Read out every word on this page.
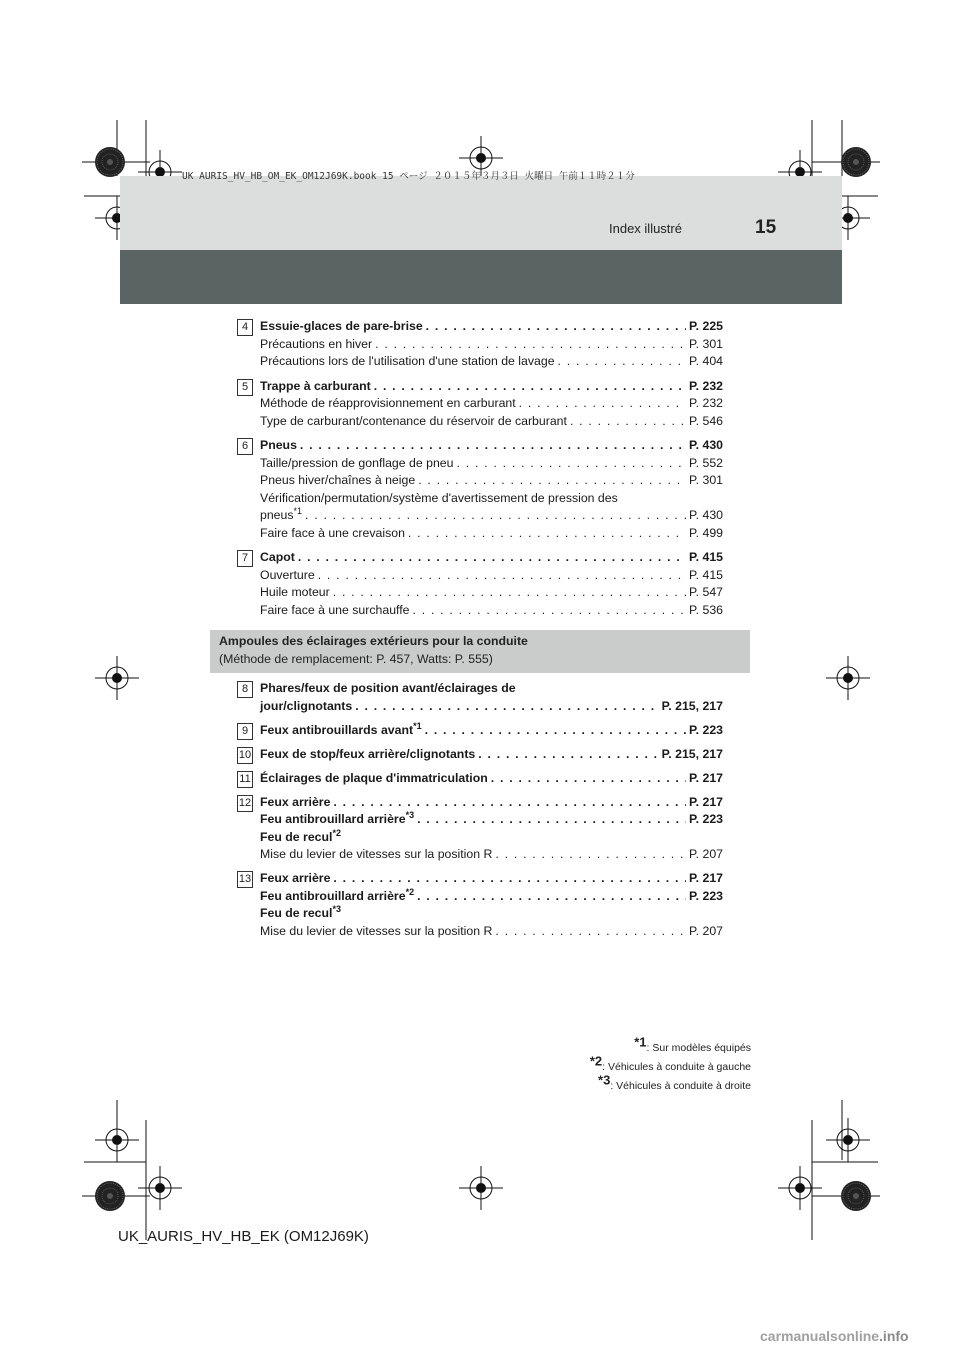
UK AURIS_HV_HB_OM_EK_OM12J69K.book 15 ページ ２０１５年３月３日 火曜日 午前１１時２１分
Index illustré	15
4 Essuie-glaces de pare-brise . . .	P. 225
Précautions en hiver . . .	P. 301
Précautions lors de l'utilisation d'une station de lavage . . .	P. 404
5 Trappe à carburant . . .	P. 232
Méthode de réapprovisionnement en carburant . . .	P. 232
Type de carburant/contenance du réservoir de carburant . . .	P. 546
6 Pneus . . .	P. 430
Taille/pression de gonflage de pneu . . .	P. 552
Pneus hiver/chaînes à neige . . .	P. 301
Vérification/permutation/système d'avertissement de pression des
pneus$^{*1}$ . . .	P. 430
Faire face à une crevaison . . .	P. 499
7 Capot . . .	P. 415
Ouverture . . .	P. 415
Huile moteur . . .	P. 547
Faire face à une surchauffe . . .	P. 536
Ampoules des éclairages extérieurs pour la conduite
(Méthode de remplacement: P. 457, Watts: P. 555)
8 Phares/feux de position avant/éclairages de
jour/clignotants . . .	P. 215, 217
9 Feux antibrouillards avant$^{*1}$ . . .	P. 223
10 Feux de stop/feux arrière/clignotants . . .	P. 215, 217
11 Éclairages de plaque d'immatriculation . . .	P. 217
12 Feux arrière . . .	P. 217
Feu antibrouillard arrière$^{*3}$ . . .	P. 223
Feu de recul$^{*2}$
Mise du levier de vitesses sur la position R . . .	P. 207
13 Feux arrière . . .	P. 217
Feu antibrouillard arrière$^{*2}$ . . .	P. 223
Feu de recul$^{*3}$
Mise du levier de vitesses sur la position R . . .	P. 207
$^{*1}$: Sur modèles équipés
$^{*2}$: Véhicules à conduite à gauche
$^{*3}$: Véhicules à conduite à droite
UK_AURIS_HV_HB_EK (OM12J69K)
carmanualsonline.info
